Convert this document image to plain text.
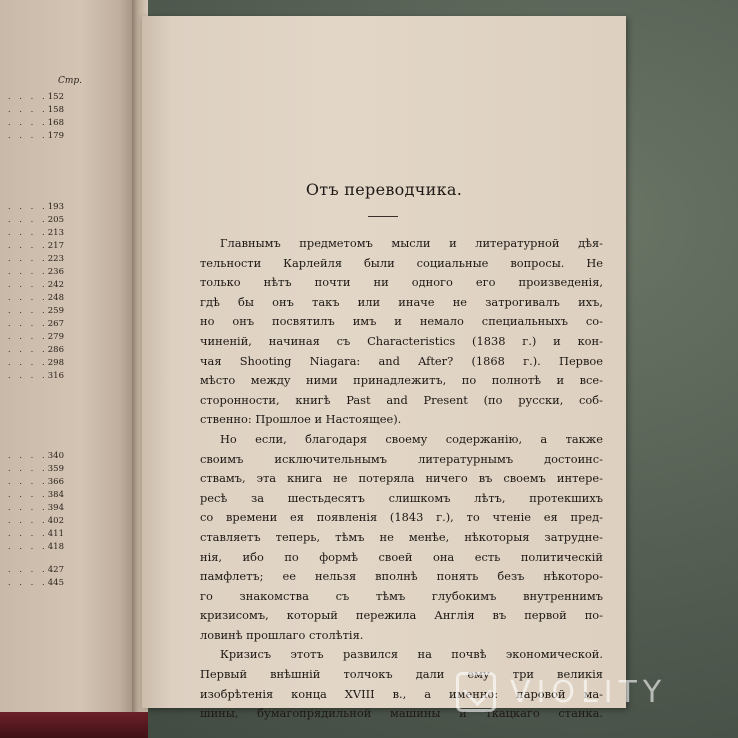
Стр.
. . . .152
. . . .158
. . . .168
. . . .179
. . . .193
. . . .205
. . . .213
. . . .217
. . . .223
. . . .236
. . . .242
. . . .248
. . . .259
. . . .267
. . . .279
. . . .286
. . . .298
. . . .316
. . . .340
. . . .359
. . . .366
. . . .384
. . . .394
. . . .402
. . . .411
. . . .418
. . . .427
. . . .445
Отъ переводчика.
Главнымъ предметомъ мысли и литературной дѣя-
тельности Карлейля были социальные вопросы. Не
только нѣтъ почти ни одного его произведенія,
гдѣ бы онъ такъ или иначе не затрогивалъ ихъ,
но онъ посвятилъ имъ и немало специальныхъ со-
чиненій, начиная съ Characteristics (1838 г.) и кон-
чая Shooting Niagara: and After? (1868 г.). Первое
мѣсто между ними принадлежитъ, по полнотѣ и все-
сторонности, книгѣ Past and Present (по русски, соб-
ственно: Прошлое и Настоящее).
Но если, благодаря своему содержанію, а также
своимъ исключительнымъ литературнымъ достоинс-
ствамъ, эта книга не потеряла ничего въ своемъ интере-
ресѣ за шестьдесятъ слишкомъ лѣтъ, протекшихъ
со времени ея появленія (1843 г.), то чтеніе ея пред-
ставляетъ теперь, тѣмъ не менѣе, нѣкоторыя затрудне-
нія, ибо по формѣ своей она есть политическій
памфлетъ; ее нельзя вполнѣ понять безъ нѣкоторо-
го знакомства съ тѣмъ глубокимъ внутреннимъ
кризисомъ, который пережила Англія въ первой по-
ловинѣ прошлаго столѣтія.
Кризисъ этотъ развился на почвѣ экономической.
Первый внѣшній толчокъ дали ему три великія
изобрѣтенія конца XVIII в., а именно: паровой ма-
шины, бумагопрядильной машины и ткацкаго станка.
VIOLITY
